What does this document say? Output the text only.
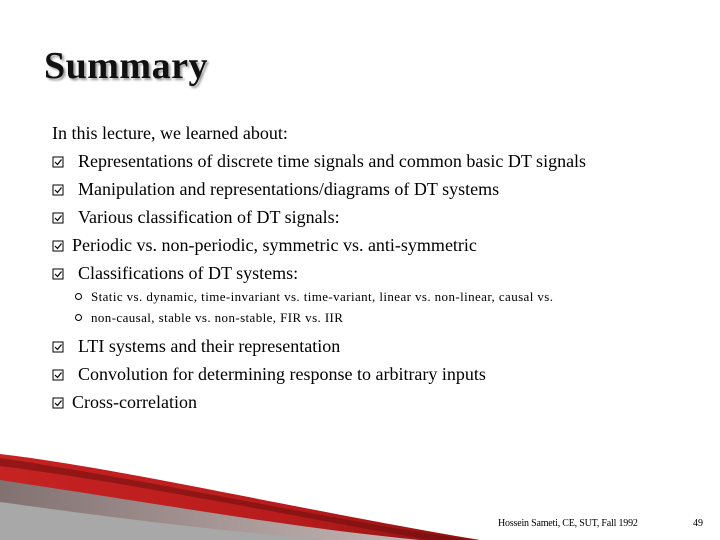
Summary
In this lecture, we learned about:
Representations of discrete time signals and common basic DT signals
Manipulation and representations/diagrams of DT systems
Various classification of DT signals:
Periodic vs. non-periodic, symmetric vs. anti-symmetric
Classifications of DT systems:
Static vs. dynamic, time-invariant vs. time-variant, linear vs. non-linear, causal vs.
non-causal, stable vs. non-stable, FIR vs. IIR
LTI systems and their representation
Convolution for determining response to arbitrary inputs
Cross-correlation
Hossein Sameti, CE, SUT, Fall 1992	49
